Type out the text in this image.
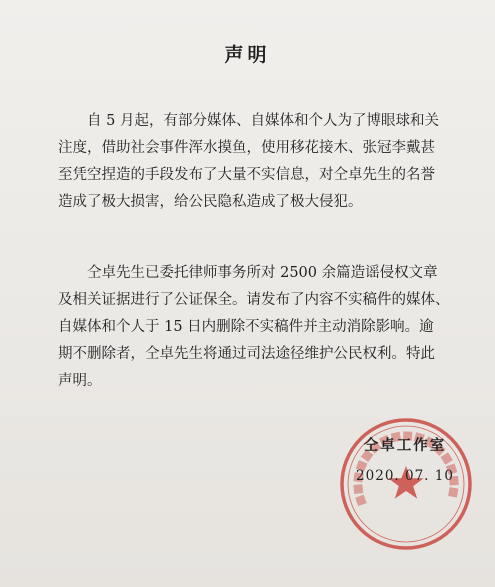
声明
自 5 月起，有部分媒体、自媒体和个人为了博眼球和关
注度，借助社会事件浑水摸鱼，使用移花接木、张冠李戴甚
至凭空捏造的手段发布了大量不实信息，对仝卓先生的名誉
造成了极大损害，给公民隐私造成了极大侵犯。
仝卓先生已委托律师事务所对 2500 余篇造谣侵权文章
及相关证据进行了公证保全。请发布了内容不实稿件的媒体、
自媒体和个人于 15 日内删除不实稿件并主动消除影响。逾
期不删除者，仝卓先生将通过司法途径维护公民权利。特此
声明。
仝卓工作室
2020. 07. 10
